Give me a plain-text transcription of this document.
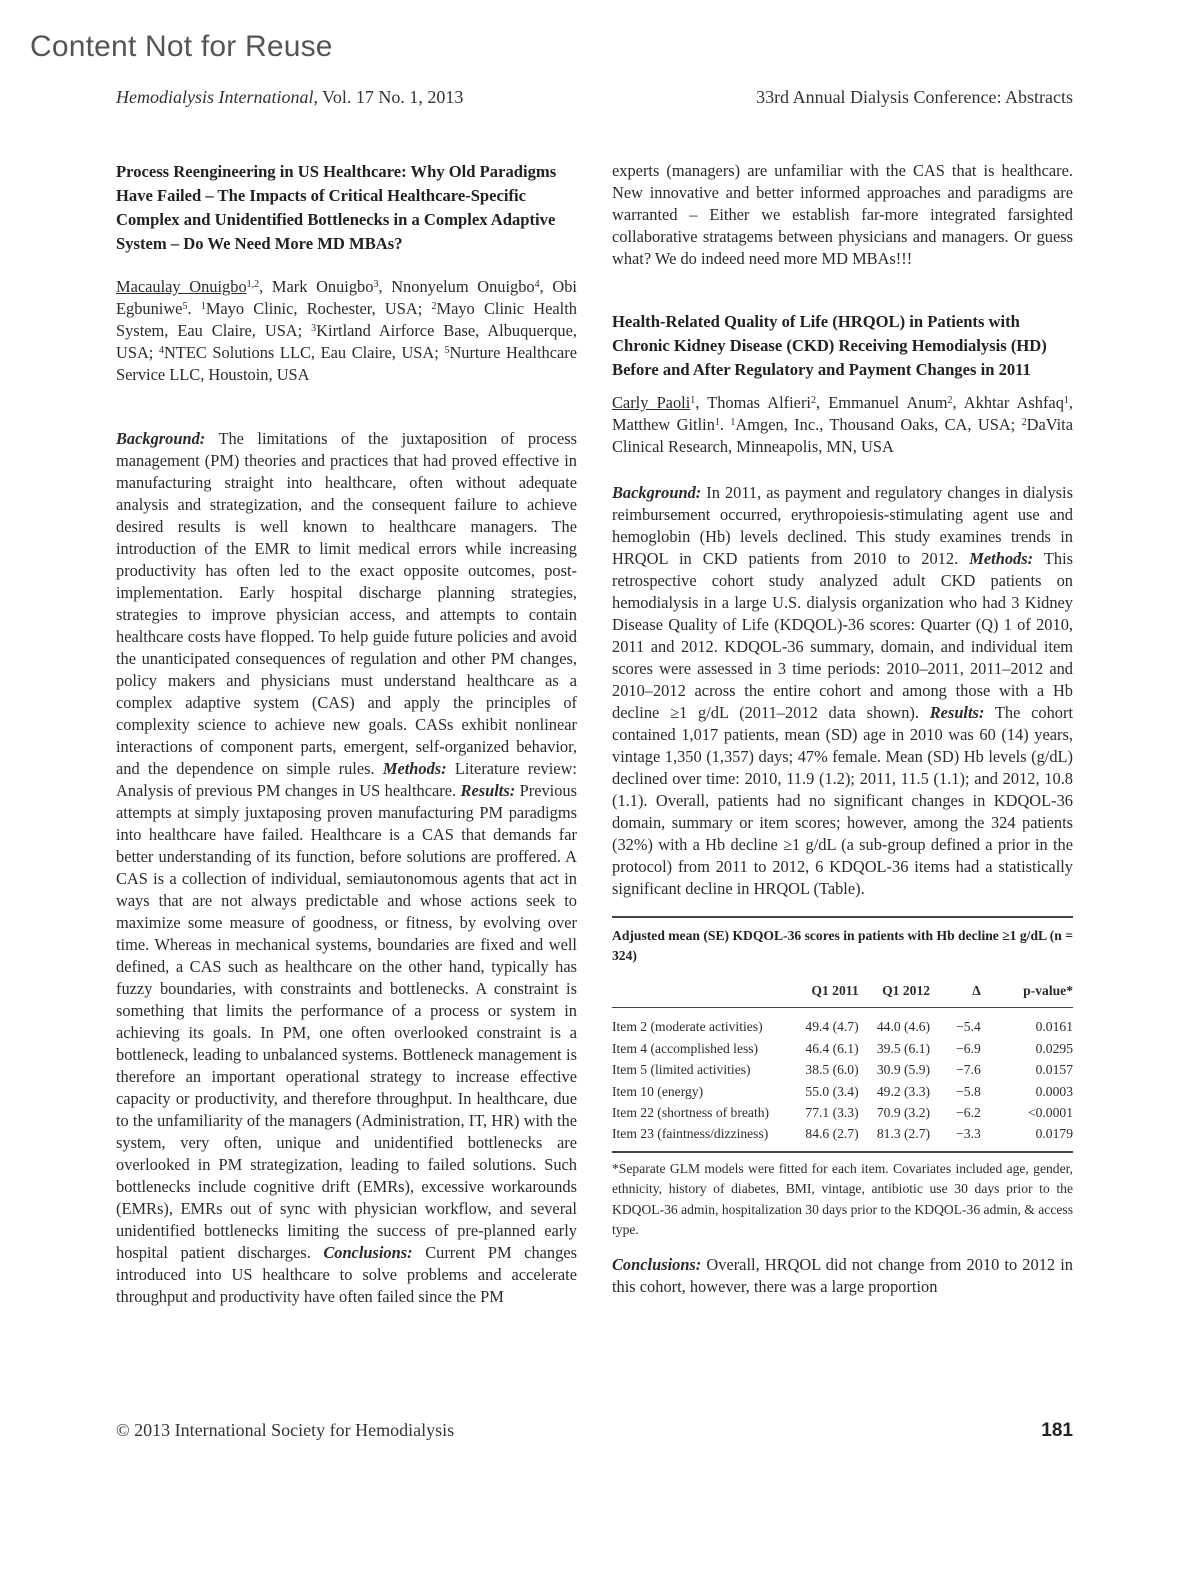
Content Not for Reuse
Hemodialysis International, Vol. 17 No. 1, 2013	33rd Annual Dialysis Conference: Abstracts

Process Reengineering in US Healthcare: Why Old Paradigms Have Failed – The Impacts of Critical Healthcare-Specific Complex and Unidentified Bottlenecks in a Complex Adaptive System – Do We Need More MD MBAs?

Macaulay Onuigbo$^{1,2}$, Mark Onuigbo$^3$, Nnonyelum Onuigbo$^4$, Obi Egbuniwe$^5$. $^1$Mayo Clinic, Rochester, USA; $^2$Mayo Clinic Health System, Eau Claire, USA; $^3$Kirtland Airforce Base, Albuquerque, USA; $^4$NTEC Solutions LLC, Eau Claire, USA; $^5$Nurture Healthcare Service LLC, Houstoin, USA

Background: The limitations of the juxtaposition of process management (PM) theories and practices that had proved effective in manufacturing straight into healthcare, often without adequate analysis and strategization, and the consequent failure to achieve desired results is well known to healthcare managers. The introduction of the EMR to limit medical errors while increasing productivity has often led to the exact opposite outcomes, post-implementation. Early hospital discharge planning strategies, strategies to improve physician access, and attempts to contain healthcare costs have flopped. To help guide future policies and avoid the unanticipated consequences of regulation and other PM changes, policy makers and physicians must understand healthcare as a complex adaptive system (CAS) and apply the principles of complexity science to achieve new goals. CASs exhibit nonlinear interactions of component parts, emergent, self-organized behavior, and the dependence on simple rules. Methods: Literature review: Analysis of previous PM changes in US healthcare. Results: Previous attempts at simply juxtaposing proven manufacturing PM paradigms into healthcare have failed. Healthcare is a CAS that demands far better understanding of its function, before solutions are proffered. A CAS is a collection of individual, semiautonomous agents that act in ways that are not always predictable and whose actions seek to maximize some measure of goodness, or fitness, by evolving over time. Whereas in mechanical systems, boundaries are fixed and well defined, a CAS such as healthcare on the other hand, typically has fuzzy boundaries, with constraints and bottlenecks. A constraint is something that limits the performance of a process or system in achieving its goals. In PM, one often overlooked constraint is a bottleneck, leading to unbalanced systems. Bottleneck management is therefore an important operational strategy to increase effective capacity or productivity, and therefore throughput. In healthcare, due to the unfamiliarity of the managers (Administration, IT, HR) with the system, very often, unique and unidentified bottlenecks are overlooked in PM strategization, leading to failed solutions. Such bottlenecks include cognitive drift (EMRs), excessive workarounds (EMRs), EMRs out of sync with physician workflow, and several unidentified bottlenecks limiting the success of pre-planned early hospital patient discharges. Conclusions: Current PM changes introduced into US healthcare to solve problems and accelerate throughput and productivity have often failed since the PM

experts (managers) are unfamiliar with the CAS that is healthcare. New innovative and better informed approaches and paradigms are warranted – Either we establish far-more integrated farsighted collaborative stratagems between physicians and managers. Or guess what? We do indeed need more MD MBAs!!!

Health-Related Quality of Life (HRQOL) in Patients with Chronic Kidney Disease (CKD) Receiving Hemodialysis (HD) Before and After Regulatory and Payment Changes in 2011

Carly Paoli$^1$, Thomas Alfieri$^2$, Emmanuel Anum$^2$, Akhtar Ashfaq$^1$, Matthew Gitlin$^1$. $^1$Amgen, Inc., Thousand Oaks, CA, USA; $^2$DaVita Clinical Research, Minneapolis, MN, USA

Background: In 2011, as payment and regulatory changes in dialysis reimbursement occurred, erythropoiesis-stimulating agent use and hemoglobin (Hb) levels declined. This study examines trends in HRQOL in CKD patients from 2010 to 2012. Methods: This retrospective cohort study analyzed adult CKD patients on hemodialysis in a large U.S. dialysis organization who had 3 Kidney Disease Quality of Life (KDQOL)-36 scores: Quarter (Q) 1 of 2010, 2011 and 2012. KDQOL-36 summary, domain, and individual item scores were assessed in 3 time periods: 2010–2011, 2011–2012 and 2010–2012 across the entire cohort and among those with a Hb decline ≥1 g/dL (2011–2012 data shown). Results: The cohort contained 1,017 patients, mean (SD) age in 2010 was 60 (14) years, vintage 1,350 (1,357) days; 47% female. Mean (SD) Hb levels (g/dL) declined over time: 2010, 11.9 (1.2); 2011, 11.5 (1.1); and 2012, 10.8 (1.1). Overall, patients had no significant changes in KDQOL-36 domain, summary or item scores; however, among the 324 patients (32%) with a Hb decline ≥1 g/dL (a sub-group defined a prior in the protocol) from 2011 to 2012, 6 KDQOL-36 items had a statistically significant decline in HRQOL (Table).

Adjusted mean (SE) KDQOL-36 scores in patients with Hb decline ≥1 g/dL (n = 324)

	Q1 2011	Q1 2012	Δ	p-value*
Item 2 (moderate activities)	49.4 (4.7)	44.0 (4.6)	−5.4	0.0161
Item 4 (accomplished less)	46.4 (6.1)	39.5 (6.1)	−6.9	0.0295
Item 5 (limited activities)	38.5 (6.0)	30.9 (5.9)	−7.6	0.0157
Item 10 (energy)	55.0 (3.4)	49.2 (3.3)	−5.8	0.0003
Item 22 (shortness of breath)	77.1 (3.3)	70.9 (3.2)	−6.2	<0.0001
Item 23 (faintness/dizziness)	84.6 (2.7)	81.3 (2.7)	−3.3	0.0179

*Separate GLM models were fitted for each item. Covariates included age, gender, ethnicity, history of diabetes, BMI, vintage, antibiotic use 30 days prior to the KDQOL-36 admin, hospitalization 30 days prior to the KDQOL-36 admin, & access type.

Conclusions: Overall, HRQOL did not change from 2010 to 2012 in this cohort, however, there was a large proportion

© 2013 International Society for Hemodialysis	181
